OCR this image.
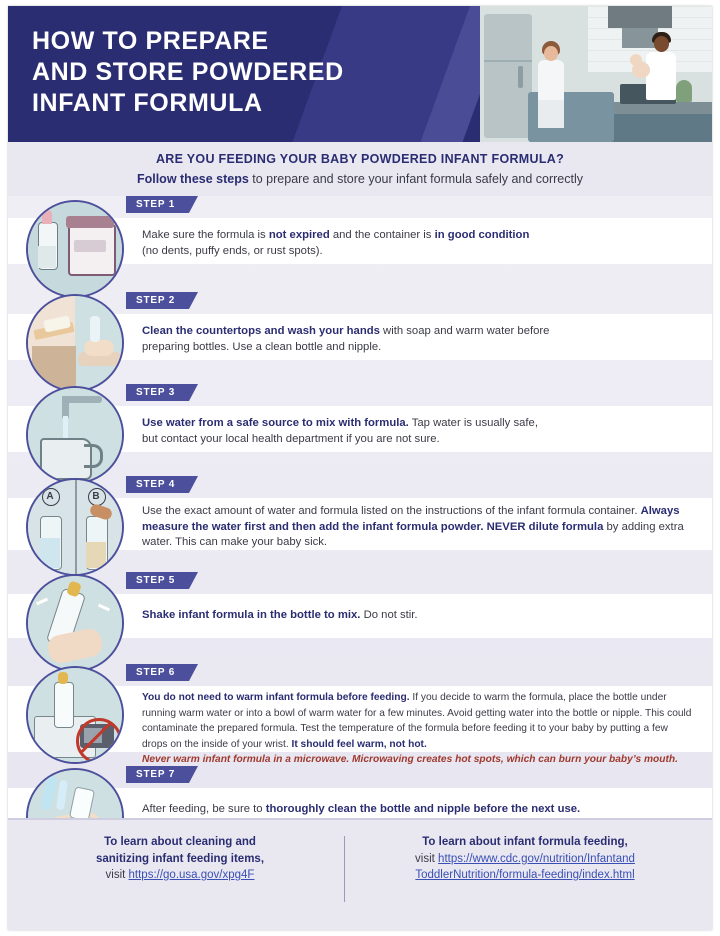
HOW TO PREPARE
AND STORE POWDERED
INFANT FORMULA
ARE YOU FEEDING YOUR BABY POWDERED INFANT FORMULA?
Follow these steps to prepare and store your infant formula safely and correctly
STEP 1
Make sure the formula is not expired and the container is in good condition
(no dents, puffy ends, or rust spots).
STEP 2
Clean the countertops and wash your hands with soap and warm water before
preparing bottles. Use a clean bottle and nipple.
STEP 3
Use water from a safe source to mix with formula. Tap water is usually safe,
but contact your local health department if you are not sure.
STEP 4
A	B
Use the exact amount of water and formula listed on the instructions of the infant formula container. Always measure the water first and then add the infant formula powder. NEVER dilute formula by adding extra water. This can make your baby sick.
STEP 5
Shake infant formula in the bottle to mix. Do not stir.
STEP 6
You do not need to warm infant formula before feeding. If you decide to warm the formula, place the bottle under running warm water or into a bowl of warm water for a few minutes. Avoid getting water into the bottle or nipple. This could contaminate the prepared formula. Test the temperature of the formula before feeding it to your baby by putting a few drops on the inside of your wrist. It should feel warm, not hot.
Never warm infant formula in a microwave. Microwaving creates hot spots, which can burn your baby’s mouth.
STEP 7
After feeding, be sure to thoroughly clean the bottle and nipple before the next use.
To learn about cleaning and
sanitizing infant feeding items,
visit https://go.usa.gov/xpg4F
To learn about infant formula feeding,
visit https://www.cdc.gov/nutrition/Infantand
ToddlerNutrition/formula-feeding/index.html
